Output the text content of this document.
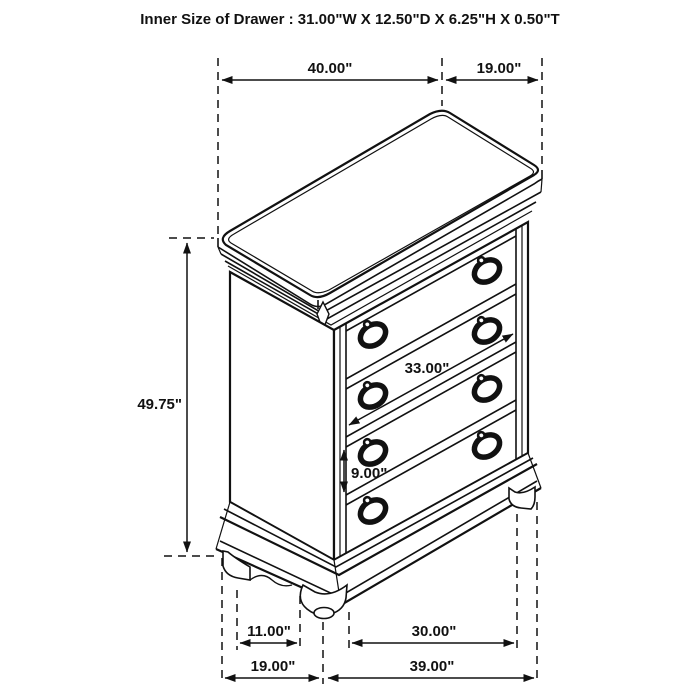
40.00"	19.00"
49.75"
33.00"
9.00"
11.00"	30.00"
19.00"	39.00"
Inner Size of Drawer : 31.00"W X 12.50"D X 6.25"H X 0.50"T
